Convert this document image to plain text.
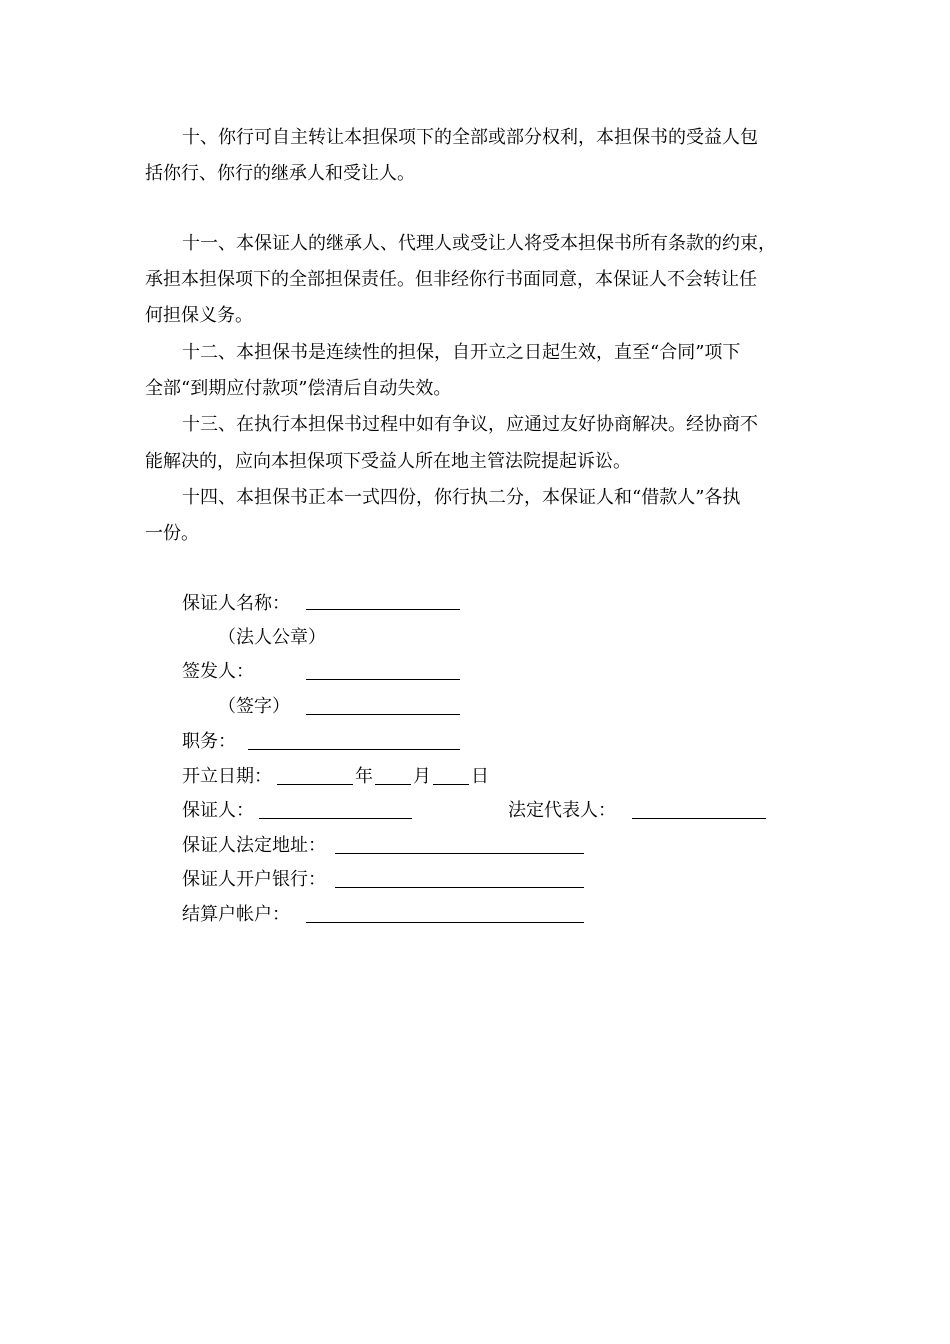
十、你行可自主转让本担保项下的全部或部分权利，本担保书的受益人包
括你行、你行的继承人和受让人。
十一、本保证人的继承人、代理人或受让人将受本担保书所有条款的约束，
承担本担保项下的全部担保责任。但非经你行书面同意，本保证人不会转让任
何担保义务。
十二、本担保书是连续性的担保，自开立之日起生效，直至“合同”项下
全部“到期应付款项”偿清后自动失效。
十三、在执行本担保书过程中如有争议，应通过友好协商解决。经协商不
能解决的，应向本担保项下受益人所在地主管法院提起诉讼。
十四、本担保书正本一式四份，你行执二分，本保证人和“借款人”各执
一份。
保证人名称：
（法人公章）
签发人：
（签字）
职务：
开立日期：	年 月 日
保证人：	法定代表人：
保证人法定地址：
保证人开户银行：
结算户帐户：
